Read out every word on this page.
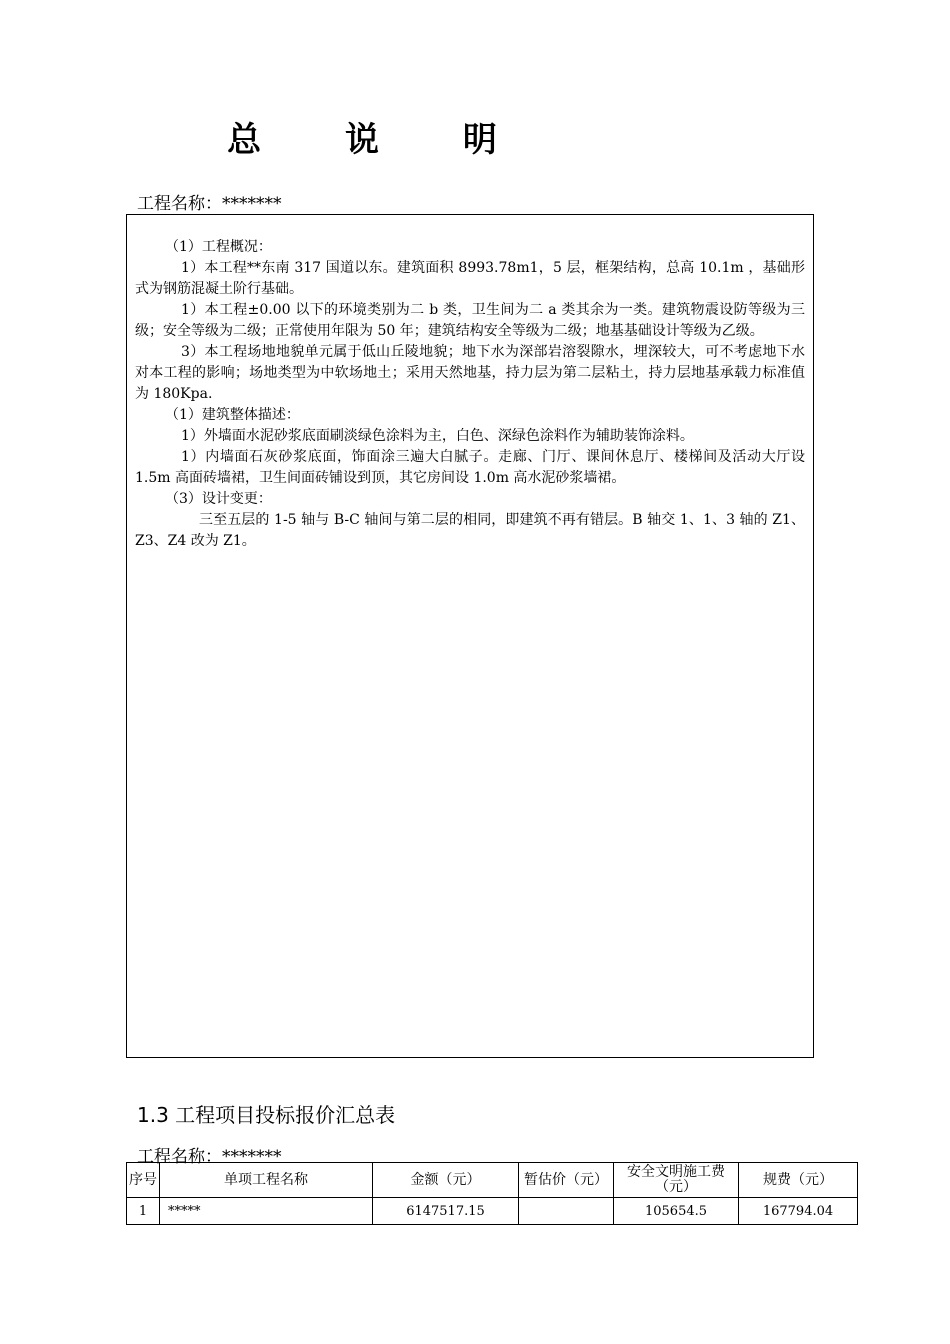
总 说 明
工程名称：*******

（1）工程概况：

1）本工程**东南 317 国道以东。建筑面积 8993.78m1，5 层，框架结构，总高 10.1m ，基础形式为钢筋混凝土阶行基础。

1）本工程±0.00 以下的环境类别为二 b 类，卫生间为二 a 类其余为一类。建筑物震设防等级为三级；安全等级为二级；正常使用年限为 50 年；建筑结构安全等级为二级；地基基础设计等级为乙级。

3）本工程场地地貌单元属于低山丘陵地貌；地下水为深部岩溶裂隙水，埋深较大，可不考虑地下水对本工程的影响；场地类型为中软场地土；采用天然地基，持力层为第二层粘土，持力层地基承载力标准值为 180Kpa.

（1）建筑整体描述：

1）外墙面水泥砂浆底面刷淡绿色涂料为主，白色、深绿色涂料作为辅助装饰涂料。

1）内墙面石灰砂浆底面，饰面涂三遍大白腻子。走廊、门厅、课间休息厅、楼梯间及活动大厅设 1.5m 高面砖墙裙，卫生间面砖铺设到顶，其它房间设 1.0m 高水泥砂浆墙裙。

（3）设计变更：

三至五层的 1-5 轴与 B-C 轴间与第二层的相同，即建筑不再有错层。B 轴交 1、1、3 轴的 Z1、Z3、Z4 改为 Z1。

1.3 工程项目投标报价汇总表
工程名称：*******
序号	单项工程名称	金额（元）	暂估价（元）	安全文明施工费（元）	规费（元）
1	*****	6147517.15		105654.5	167794.04
